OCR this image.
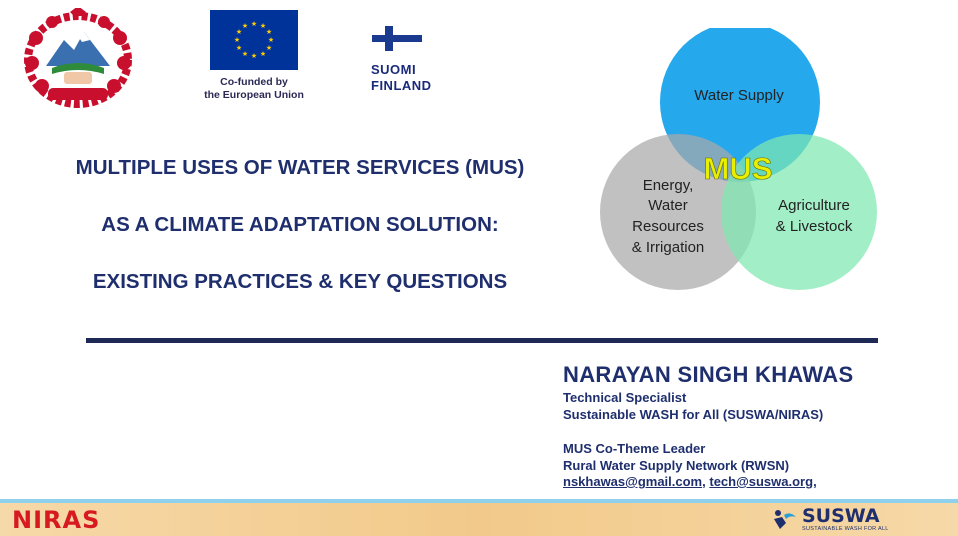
★ ★
★
★
★
★
★
★
★
★
★
★
Co-funded by
the European Union
SUOMI
FINLAND
MULTIPLE USES OF WATER SERVICES (MUS)
AS A CLIMATE ADAPTATION SOLUTION:
EXISTING PRACTICES & KEY QUESTIONS
Water Supply
MUS
Energy,
Water
Resources
& Irrigation
Agriculture
& Livestock
NARAYAN SINGH KHAWAS
Technical Specialist
Sustainable WASH for All (SUSWA/NIRAS)
MUS Co-Theme Leader
Rural Water Supply Network (RWSN)
nskhawas@gmail.com, tech@suswa.org,
NIRAS	SUSWA
SUSTAINABLE WASH FOR ALL
